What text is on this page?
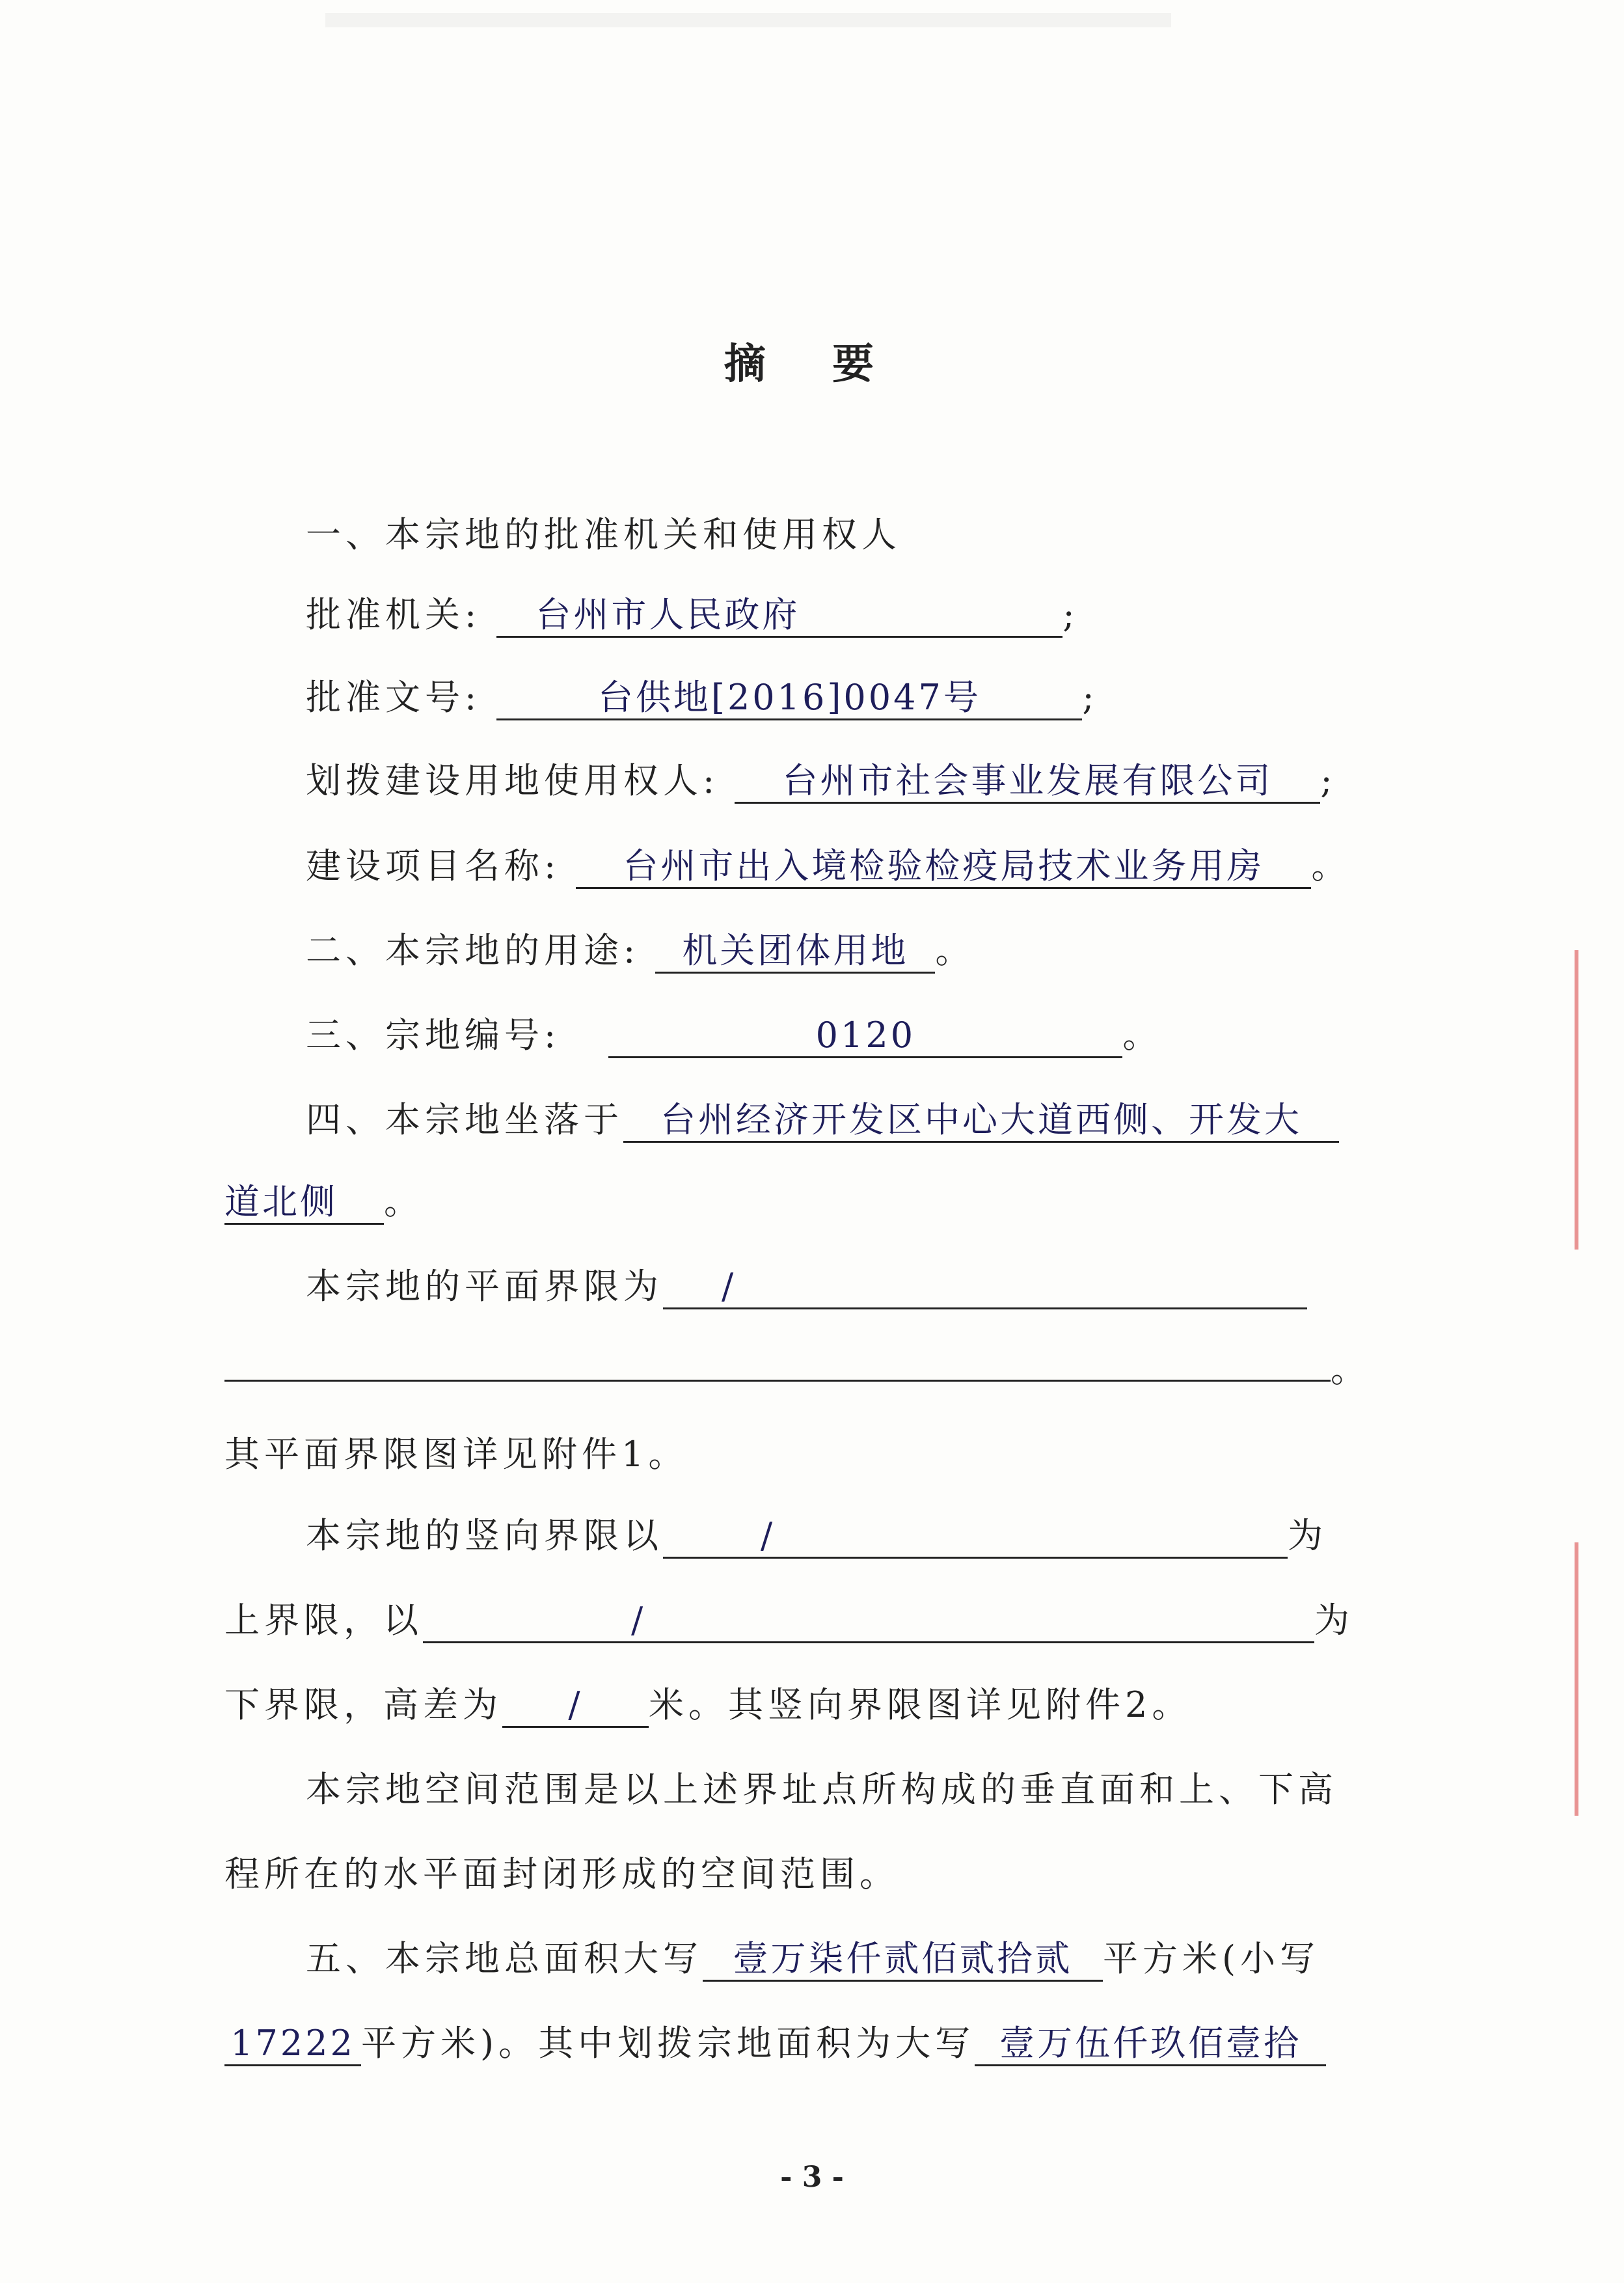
摘 要
一、本宗地的批准机关和使用权人
批准机关: 台州市人民政府	;
批准文号:	台供地[2016]0047号	;
划拨建设用地使用权人: 台州市社会事业发展有限公司 ;
建设项目名称: 台州市出入境检验检疫局技术业务用房 。
二、本宗地的用途: 机关团体用地 。
三、宗地编号:	0120	。
四、本宗地坐落于 台州经济开发区中心大道西侧、开发大
道北侧 。
本宗地的平面界限为 /
。
其平面界限图详见附件1。
本宗地的竖向界限以	/	为
上界限，以	/	为
下界限，高差为 / 米。其竖向界限图详见附件2。
本宗地空间范围是以上述界址点所构成的垂直面和上、下高
程所在的水平面封闭形成的空间范围。
五、本宗地总面积大写 壹万柒仟贰佰贰拾贰 平方米(小写
17222 平方米)。其中划拨宗地面积为大写 壹万伍仟玖佰壹拾
- 3 -
